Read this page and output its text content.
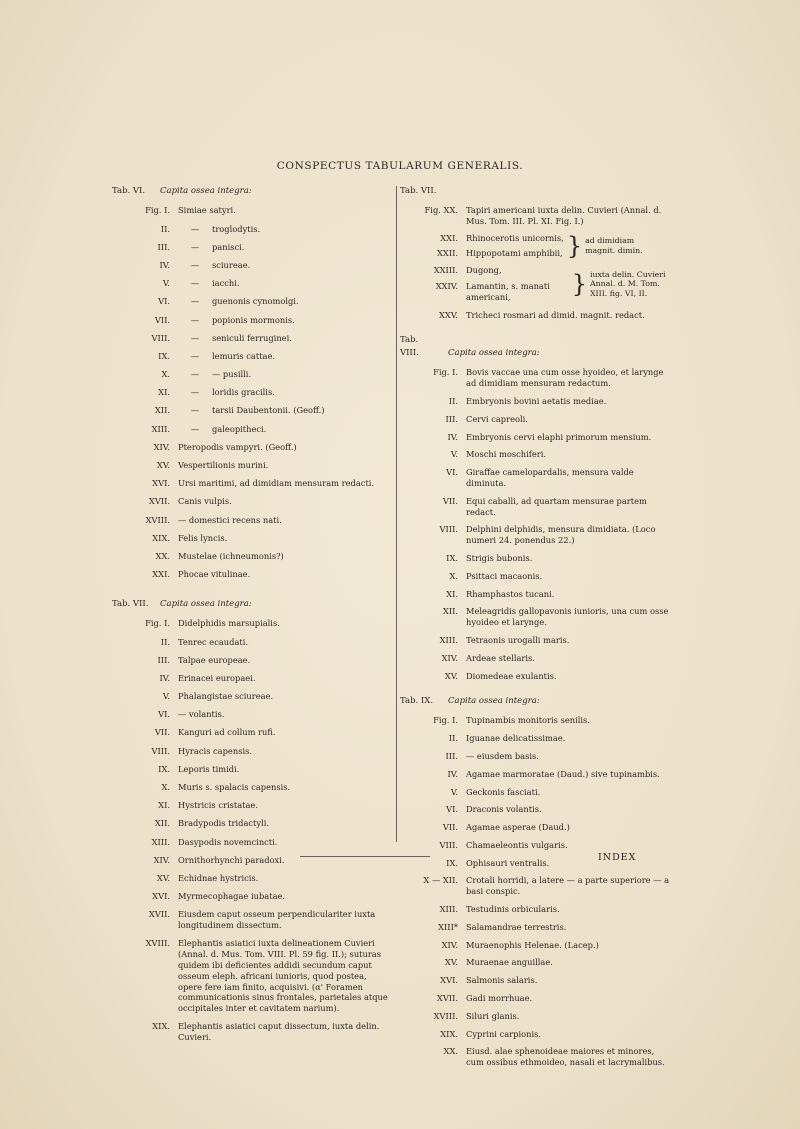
CONSPECTUS TABULARUM GENERALIS.
Tab. VI. Capita ossea integra:
Fig. I. Simiae satyri.
II.	— troglodytis.
III.	— panisci.
IV.	— sciureae.
V.	— iacchi.
VI.	— guenonis cynomolgi.
VII.	— popionis mormonis.
VIII.	— seniculi ferruginei.
IX.	— lemuris cattae.
X.	— — pusilli.
XI.	— loridis gracilis.
XII.	— tarsii Daubentonii. (Geoff.)
XIII.	— galeopitheci.
XIV. Pteropodis vampyri. (Geoff.)
XV. Vespertilionis murini.
XVI. Ursi maritimi, ad dimidiam mensuram redacti.
XVII. Canis vulpis.
XVIII. — domestici recens nati.
XIX. Felis lyncis.
XX. Mustelae (ichneumonis?)
XXI. Phocae vitulinae.
Tab. VII. Capita ossea integra:
Fig. I. Didelphidis marsupialis.
II. Tenrec ecaudati.
III. Talpae europeae.
IV. Erinacei europaei.
V. Phalangistae sciureae.
VI. — volantis.
VII. Kanguri ad collum rufi.
VIII. Hyracis capensis.
IX. Leporis timidi.
X. Muris s. spalacis capensis.
XI. Hystricis cristatae.
XII. Bradypodis tridactyli.
XIII. Dasypodis novemcincti.
XIV. Ornithorhynchi paradoxi.
XV. Echidnae hystricis.
XVI. Myrmecophagae iubatae.
XVII. Eiusdem caput osseum perpendiculariter iuxta longitudinem dissectum.
XVIII. Elephantis asiatici iuxta delineationem Cuvieri (Annal. d. Mus. Tom. VIII. Pl. 59 fig. II.); suturas quidem ibi deficientes addidi secundum caput osseum eleph. africani iunioris, quod postea, opere fere iam finito, acquisivi. (α' Foramen communicationis sinus frontales, parietales atque occipitales inter et cavitatem narium).
XIX. Elephantis asiatici caput dissectum, iuxta delin. Cuvieri.
Tab. VII.
Fig. XX. Tapiri americani iuxta delin. Cuvieri (Annal. d. Mus. Tom. III. Pl. XI. Fig. I.)
XXI. Rhinocerotis unicornis,
XXII. Hippopotami amphibii, } ad dimidiam magnit. dimin.
XXIII. Dugong,
XXIV. Lamantin, s. manati americani,	} iuxta delin. Cuvieri Annal. d. M. Tom. XIII. fig. VI, II.
XXV. Tricheci rosmari ad dimid. magnit. redact.
Tab. VIII.	Capita ossea integra:
Fig. I. Bovis vaccae una cum osse hyoideo, et larynge ad dimidiam mensuram redactum.
II. Embryonis bovini aetatis mediae.
III. Cervi capreoli.
IV. Embryonis cervi elaphi primorum mensium.
V. Moschi moschiferi.
VI. Giraffae camelopardalis, mensura valde diminuta.
VII. Equi caballi, ad quartam mensurae partem redact.
VIII. Delphini delphidis, mensura dimidiata. (Loco numeri 24. ponendus 22.)
IX. Strigis bubonis.
X. Psittaci macaonis.
XI. Rhamphastos tucani.
XII. Meleagridis gallopavonis iunioris, una cum osse hyoideo et larynge.
XIII. Tetraonis urogalli maris.
XIV. Ardeae stellaris.
XV. Diomedeae exulantis.
Tab. IX. Capita ossea integra:
Fig. I. Tupinambis monitoris senilis.
II. Iguanae delicatissimae.
III. — eiusdem basis.
IV. Agamae marmoratae (Daud.) sive tupinambis.
V. Geckonis fasciati.
VI. Draconis volantis.
VII. Agamae asperae (Daud.)
VIII. Chamaeleontis vulgaris.
IX. Ophisauri ventralis.
X — XII. Crotali horridi, a latere — a parte superiore — a basi conspic.
XIII. Testudinis orbicularis.
XIII* Salamandrae terrestris.
XIV. Muraenophis Helenae. (Lacep.)
XV. Muraenae anguillae.
XVI. Salmonis salaris.
XVII. Gadi morrhuae.
XVIII. Siluri glanis.
XIX. Cyprini carpionis.
XX. Eiusd. alae sphenoideae maiores et minores, cum ossibus ethmoideo, nasali et lacrymalibus.
INDEX
